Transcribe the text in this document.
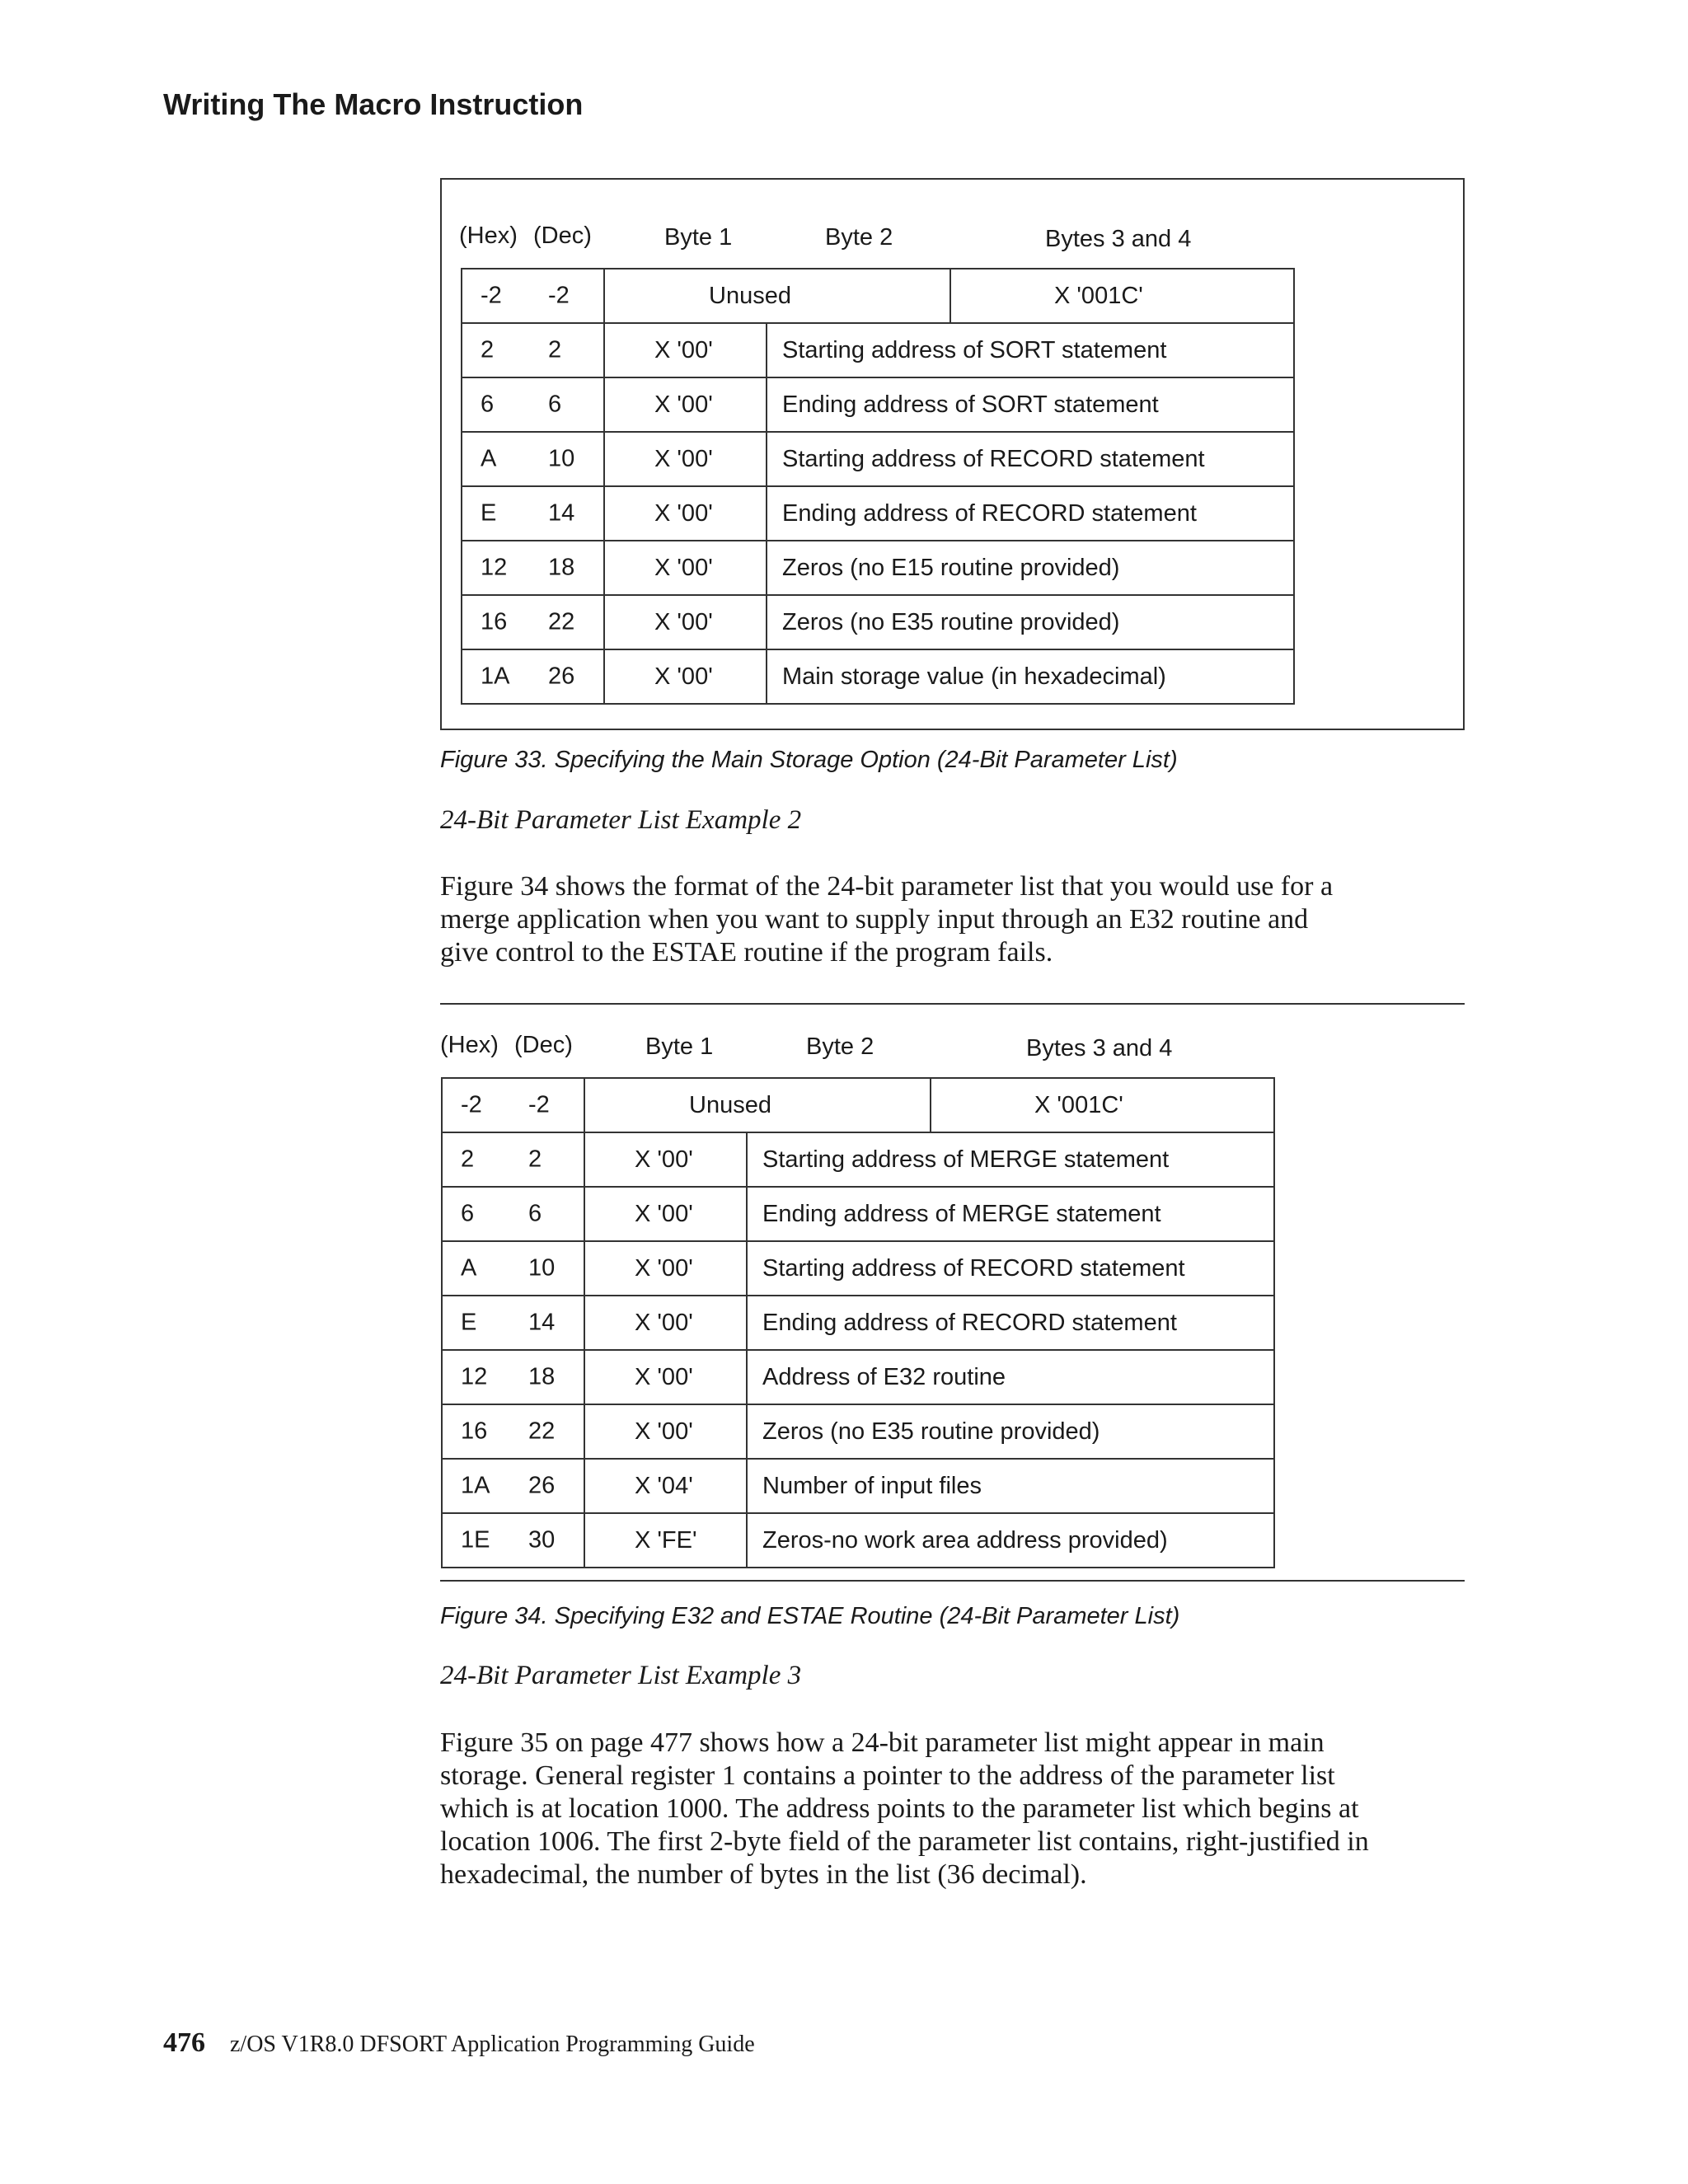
Writing The Macro Instruction
(Hex) (Dec)	Byte 1	Byte 2	Bytes 3 and 4
-2 -2	Unused		X '001C'

2 2	X '00'	Starting address of SORT statement	

6 6	X '00'	Ending address of SORT statement	

A 10	X '00'	Starting address of RECORD statement	

E 14	X '00'	Ending address of RECORD statement	

12 18	X '00'	Zeros (no E15 routine provided)	

16 22	X '00'	Zeros (no E35 routine provided)	

1A 26	X '00'	Main storage value (in hexadecimal)	
Figure 33. Specifying the Main Storage Option (24-Bit Parameter List)
24-Bit Parameter List Example 2

Figure 34 shows the format of the 24-bit parameter list that you would use for a

merge application when you want to supply input through an E32 routine and

give control to the ESTAE routine if the program fails.

(Hex) (Dec)	Byte 1	Byte 2	Bytes 3 and 4
-2 -2	Unused		X '001C'

2 2	X '00'	Starting address of MERGE statement	

6 6	X '00'	Ending address of MERGE statement	

A 10	X '00'	Starting address of RECORD statement	

E 14	X '00'	Ending address of RECORD statement	

12 18	X '00'	Address of E32 routine	

16 22	X '00'	Zeros (no E35 routine provided)	

1A 26	X '04'	Number of input files	

1E 30	X 'FE'	Zeros-no work area address provided)	
Figure 34. Specifying E32 and ESTAE Routine (24-Bit Parameter List)
24-Bit Parameter List Example 3

Figure 35 on page 477 shows how a 24-bit parameter list might appear in main

storage. General register 1 contains a pointer to the address of the parameter list

which is at location 1000. The address points to the parameter list which begins at

location 1006. The first 2-byte field of the parameter list contains, right-justified in

hexadecimal, the number of bytes in the list (36 decimal).

476 z/OS V1R8.0 DFSORT Application Programming Guide
